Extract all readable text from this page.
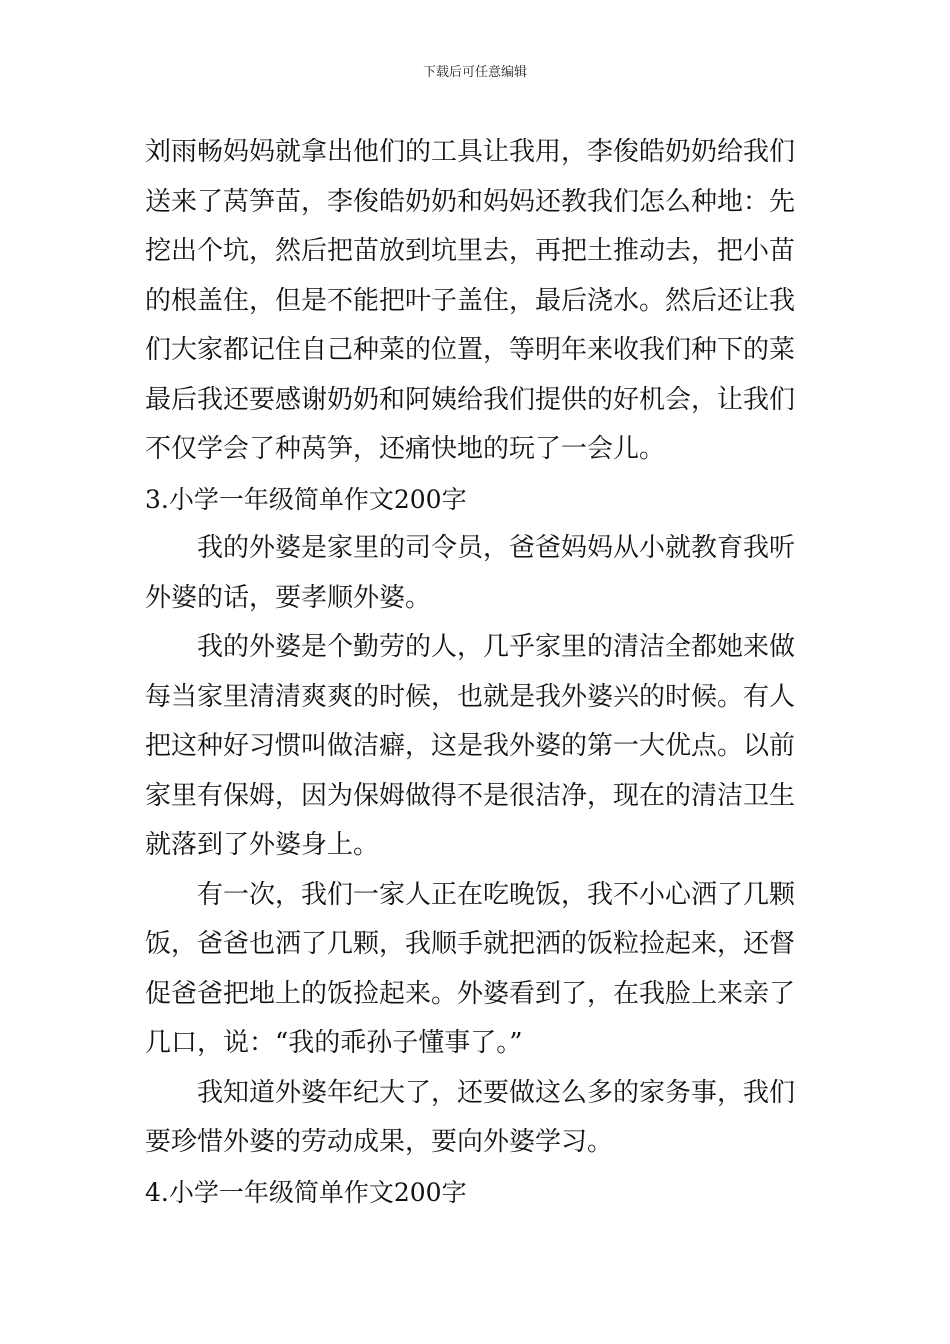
下载后可任意编辑
刘雨畅妈妈就拿出他们的工具让我用，李俊皓奶奶给我们
送来了莴笋苗，李俊皓奶奶和妈妈还教我们怎么种地：先
挖出个坑，然后把苗放到坑里去，再把土推动去，把小苗
的根盖住，但是不能把叶子盖住，最后浇水。然后还让我
们大家都记住自己种菜的位置，等明年来收我们种下的菜
最后我还要感谢奶奶和阿姨给我们提供的好机会，让我们
不仅学会了种莴笋，还痛快地的玩了一会儿。
3.小学一年级简单作文200字
我的外婆是家里的司令员，爸爸妈妈从小就教育我听
外婆的话，要孝顺外婆。
我的外婆是个勤劳的人，几乎家里的清洁全都她来做
每当家里清清爽爽的时候，也就是我外婆兴的时候。有人
把这种好习惯叫做洁癖，这是我外婆的第一大优点。以前
家里有保姆，因为保姆做得不是很洁净，现在的清洁卫生
就落到了外婆身上。
有一次，我们一家人正在吃晚饭，我不小心洒了几颗
饭，爸爸也洒了几颗，我顺手就把洒的饭粒捡起来，还督
促爸爸把地上的饭捡起来。外婆看到了，在我脸上来亲了
几口，说：“我的乖孙子懂事了。”
我知道外婆年纪大了，还要做这么多的家务事，我们
要珍惜外婆的劳动成果，要向外婆学习。
4.小学一年级简单作文200字
